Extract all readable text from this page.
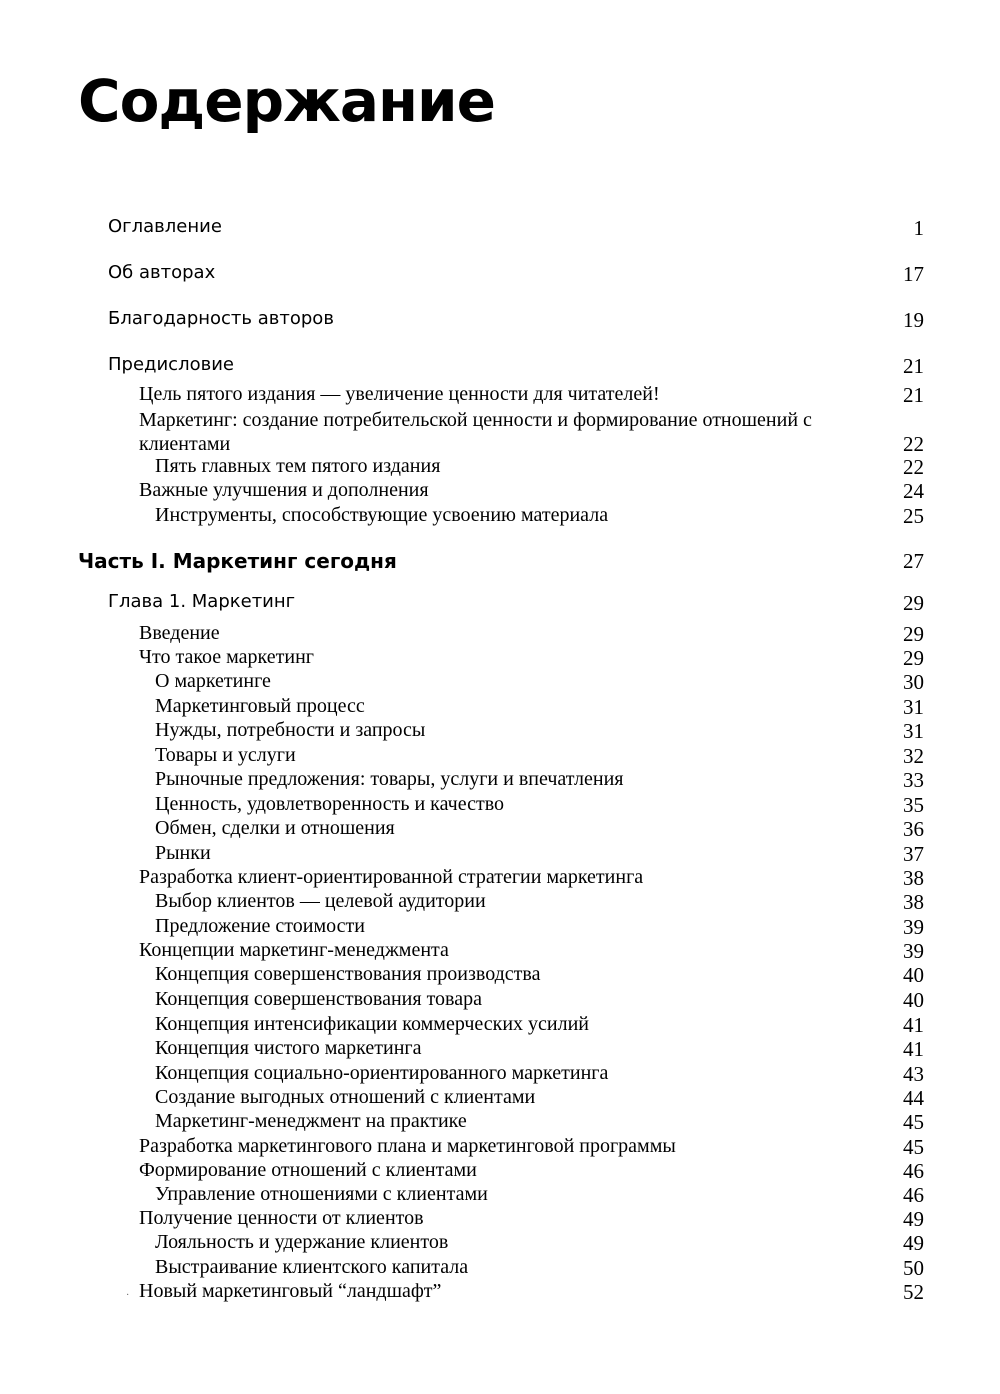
Содержание
Оглавление	1
Об авторах	17
Благодарность авторов	19
Предисловие	21
Цель пятого издания — увеличение ценности для читателей!	21
Маркетинг: создание потребительской ценности и формирование отношений с клиентами	22
Пять главных тем пятого издания	22
Важные улучшения и дополнения	24
Инструменты, способствующие усвоению материала	25
Часть I. Маркетинг сегодня	27
Глава 1. Маркетинг	29
Введение	29
Что такое маркетинг	29
О маркетинге	30
Маркетинговый процесс	31
Нужды, потребности и запросы	31
Товары и услуги	32
Рыночные предложения: товары, услуги и впечатления	33
Ценность, удовлетворенность и качество	35
Обмен, сделки и отношения	36
Рынки	37
Разработка клиент-ориентированной стратегии маркетинга	38
Выбор клиентов — целевой аудитории	38
Предложение стоимости	39
Концепции маркетинг-менеджмента	39
Концепция совершенствования производства	40
Концепция совершенствования товара	40
Концепция интенсификации коммерческих усилий	41
Концепция чистого маркетинга	41
Концепция социально-ориентированного маркетинга	43
Создание выгодных отношений с клиентами	44
Маркетинг-менеджмент на практике	45
Разработка маркетингового плана и маркетинговой программы	45
Формирование отношений с клиентами	46
Управление отношениями с клиентами	46
Получение ценности от клиентов	49
Лояльность и удержание клиентов	49
Выстраивание клиентского капитала	50
Новый маркетинговый “ландшафт”	52
·
